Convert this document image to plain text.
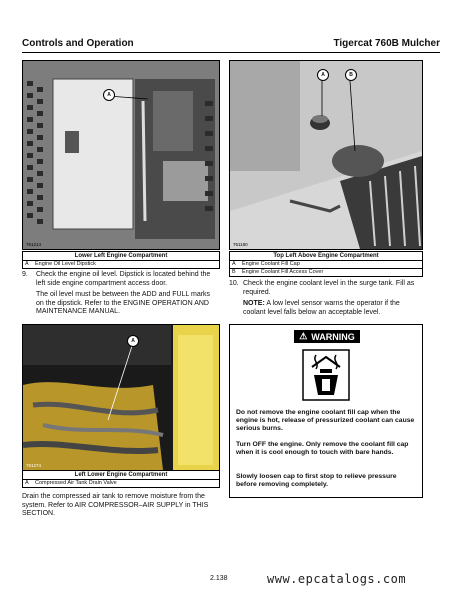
Controls and Operation	Tigercat 760B Mulcher
A
761214
Lower Left Engine Compartment
A	Engine Oil Level Dipstick
A	B
761180
Top Left Above Engine Compartment
A	Engine Coolant Fill Cap
B	Engine Coolant Fill Access Cover
9.	Check the engine oil level. Dipstick is located behind the left side engine compartment access door.
The oil level must be between the ADD and FULL marks on the dipstick. Refer to the ENGINE OPERATION AND MAINTENANCE MANUAL.
10. Check the engine coolant level in the surge tank. Fill as required.
NOTE: A low level sensor warns the operator if the coolant level falls below an acceptable level.
A
761274
Left Lower Engine Compartment
A	Compressed Air Tank Drain Valve
Drain the compressed air tank to remove moisture from the system. Refer to AIR COMPRESSOR–AIR SUPPLY in THIS SECTION.
⚠ WARNING
Do not remove the engine coolant fill cap when the engine is hot, release of pressurized coolant can cause serious burns.
Turn OFF the engine. Only remove the coolant fill cap when it is cool enough to touch with bare hands.
Slowly loosen cap to first stop to relieve pressure before removing completely.
2.138	www.epcatalogs.com
